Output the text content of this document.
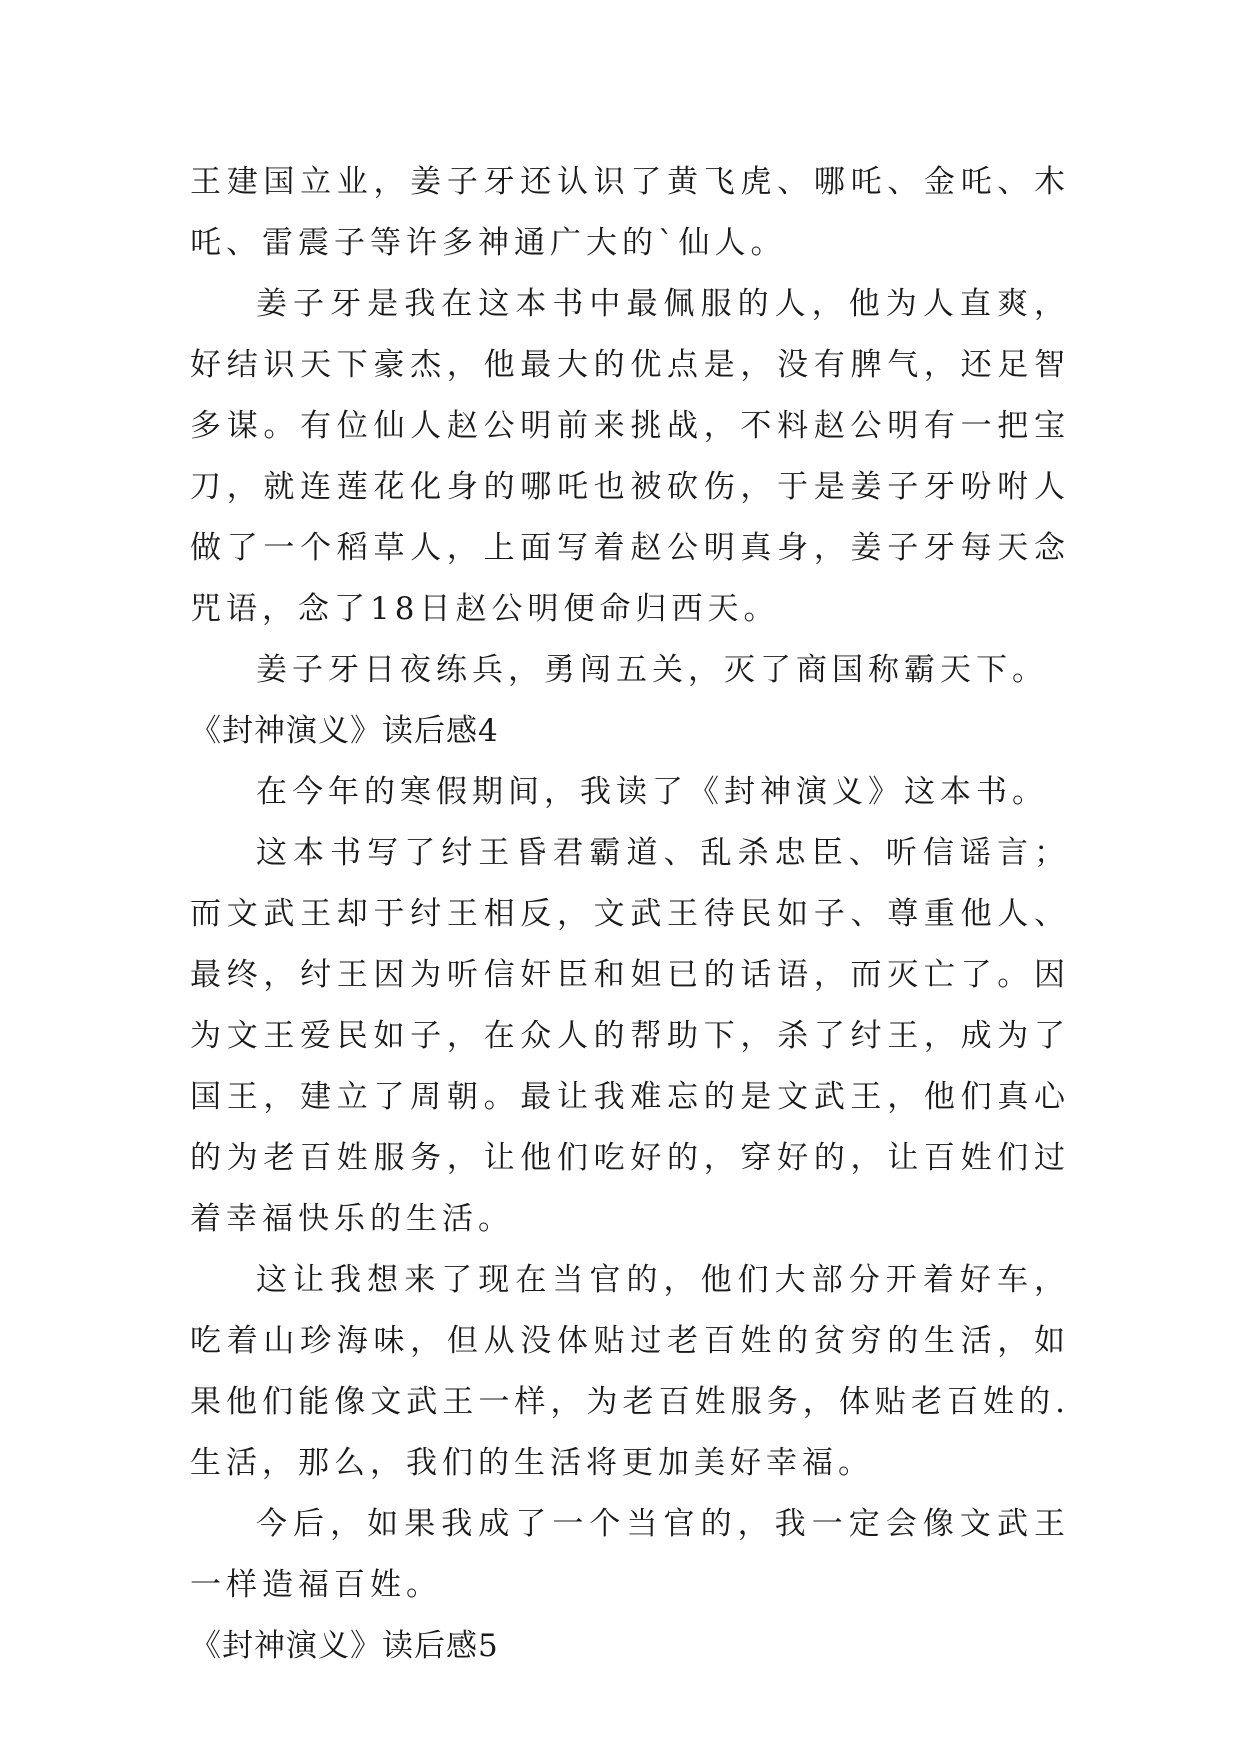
王建国立业，姜子牙还认识了黄飞虎、哪吒、金吒、木吒、雷震子等许多神通广大的`仙人。

姜子牙是我在这本书中最佩服的人，他为人直爽，好结识天下豪杰，他最大的优点是，没有脾气，还足智多谋。有位仙人赵公明前来挑战，不料赵公明有一把宝刀，就连莲花化身的哪吒也被砍伤，于是姜子牙吩咐人做了一个稻草人，上面写着赵公明真身，姜子牙每天念咒语，念了18日赵公明便命归西天。

姜子牙日夜练兵，勇闯五关，灭了商国称霸天下。

《封神演义》读后感4

在今年的寒假期间，我读了《封神演义》这本书。

这本书写了纣王昏君霸道、乱杀忠臣、听信谣言；而文武王却于纣王相反，文武王待民如子、尊重他人、最终，纣王因为听信奸臣和妲已的话语，而灭亡了。因为文王爱民如子，在众人的帮助下，杀了纣王，成为了国王，建立了周朝。最让我难忘的是文武王，他们真心的为老百姓服务，让他们吃好的，穿好的，让百姓们过着幸福快乐的生活。

这让我想来了现在当官的，他们大部分开着好车，吃着山珍海味，但从没体贴过老百姓的贫穷的生活，如果他们能像文武王一样，为老百姓服务，体贴老百姓的.生活，那么，我们的生活将更加美好幸福。

今后，如果我成了一个当官的，我一定会像文武王一样造福百姓。

《封神演义》读后感5
